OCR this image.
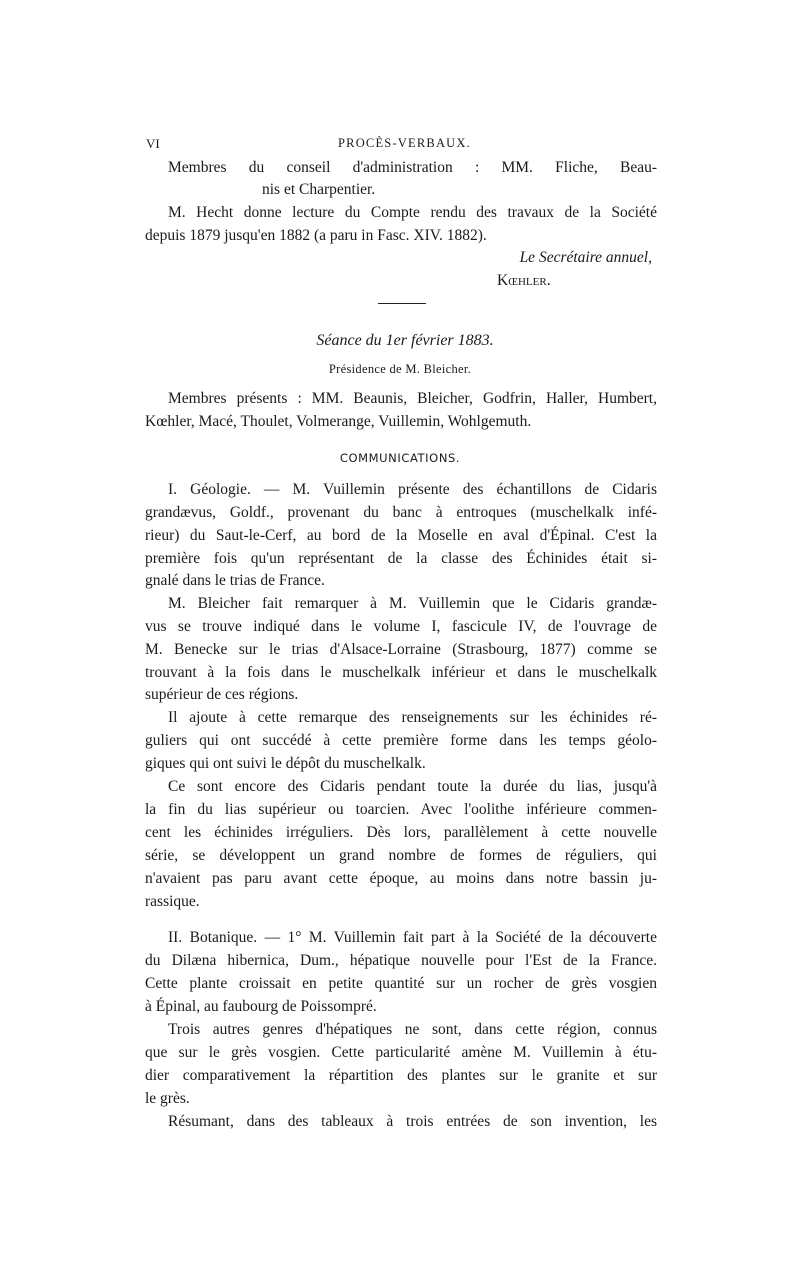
VI	PROCÈS-VERBAUX.
Membres du conseil d'administration : MM. Fliche, Beau-
nis et Charpentier.
M. Hecht donne lecture du Compte rendu des travaux de la Société
depuis 1879 jusqu'en 1882 (a paru in Fasc. XIV. 1882).
Le Secrétaire annuel,
Kœhler.
Séance du 1er février 1883.
Présidence de M. Bleicher.
Membres présents : MM. Beaunis, Bleicher, Godfrin, Haller, Humbert,
Kœhler, Macé, Thoulet, Volmerange, Vuillemin, Wohlgemuth.
COMMUNICATIONS.
I. Géologie. — M. Vuillemin présente des échantillons de Cidaris
grandævus, Goldf., provenant du banc à entroques (muschelkalk infé-
rieur) du Saut-le-Cerf, au bord de la Moselle en aval d'Épinal. C'est la
première fois qu'un représentant de la classe des Échinides était si-
gnalé dans le trias de France.
M. Bleicher fait remarquer à M. Vuillemin que le Cidaris grandæ-
vus se trouve indiqué dans le volume I, fascicule IV, de l'ouvrage de
M. Benecke sur le trias d'Alsace-Lorraine (Strasbourg, 1877) comme se
trouvant à la fois dans le muschelkalk inférieur et dans le muschelkalk
supérieur de ces régions.
Il ajoute à cette remarque des renseignements sur les échinides ré-
guliers qui ont succédé à cette première forme dans les temps géolo-
giques qui ont suivi le dépôt du muschelkalk.
Ce sont encore des Cidaris pendant toute la durée du lias, jusqu'à
la fin du lias supérieur ou toarcien. Avec l'oolithe inférieure commen-
cent les échinides irréguliers. Dès lors, parallèlement à cette nouvelle
série, se développent un grand nombre de formes de réguliers, qui
n'avaient pas paru avant cette époque, au moins dans notre bassin ju-
rassique.
II. Botanique. — 1° M. Vuillemin fait part à la Société de la découverte
du Dilæna hibernica, Dum., hépatique nouvelle pour l'Est de la France.
Cette plante croissait en petite quantité sur un rocher de grès vosgien
à Épinal, au faubourg de Poissompré.
Trois autres genres d'hépatiques ne sont, dans cette région, connus
que sur le grès vosgien. Cette particularité amène M. Vuillemin à étu-
dier comparativement la répartition des plantes sur le granite et sur
le grès.
Résumant, dans des tableaux à trois entrées de son invention, les
